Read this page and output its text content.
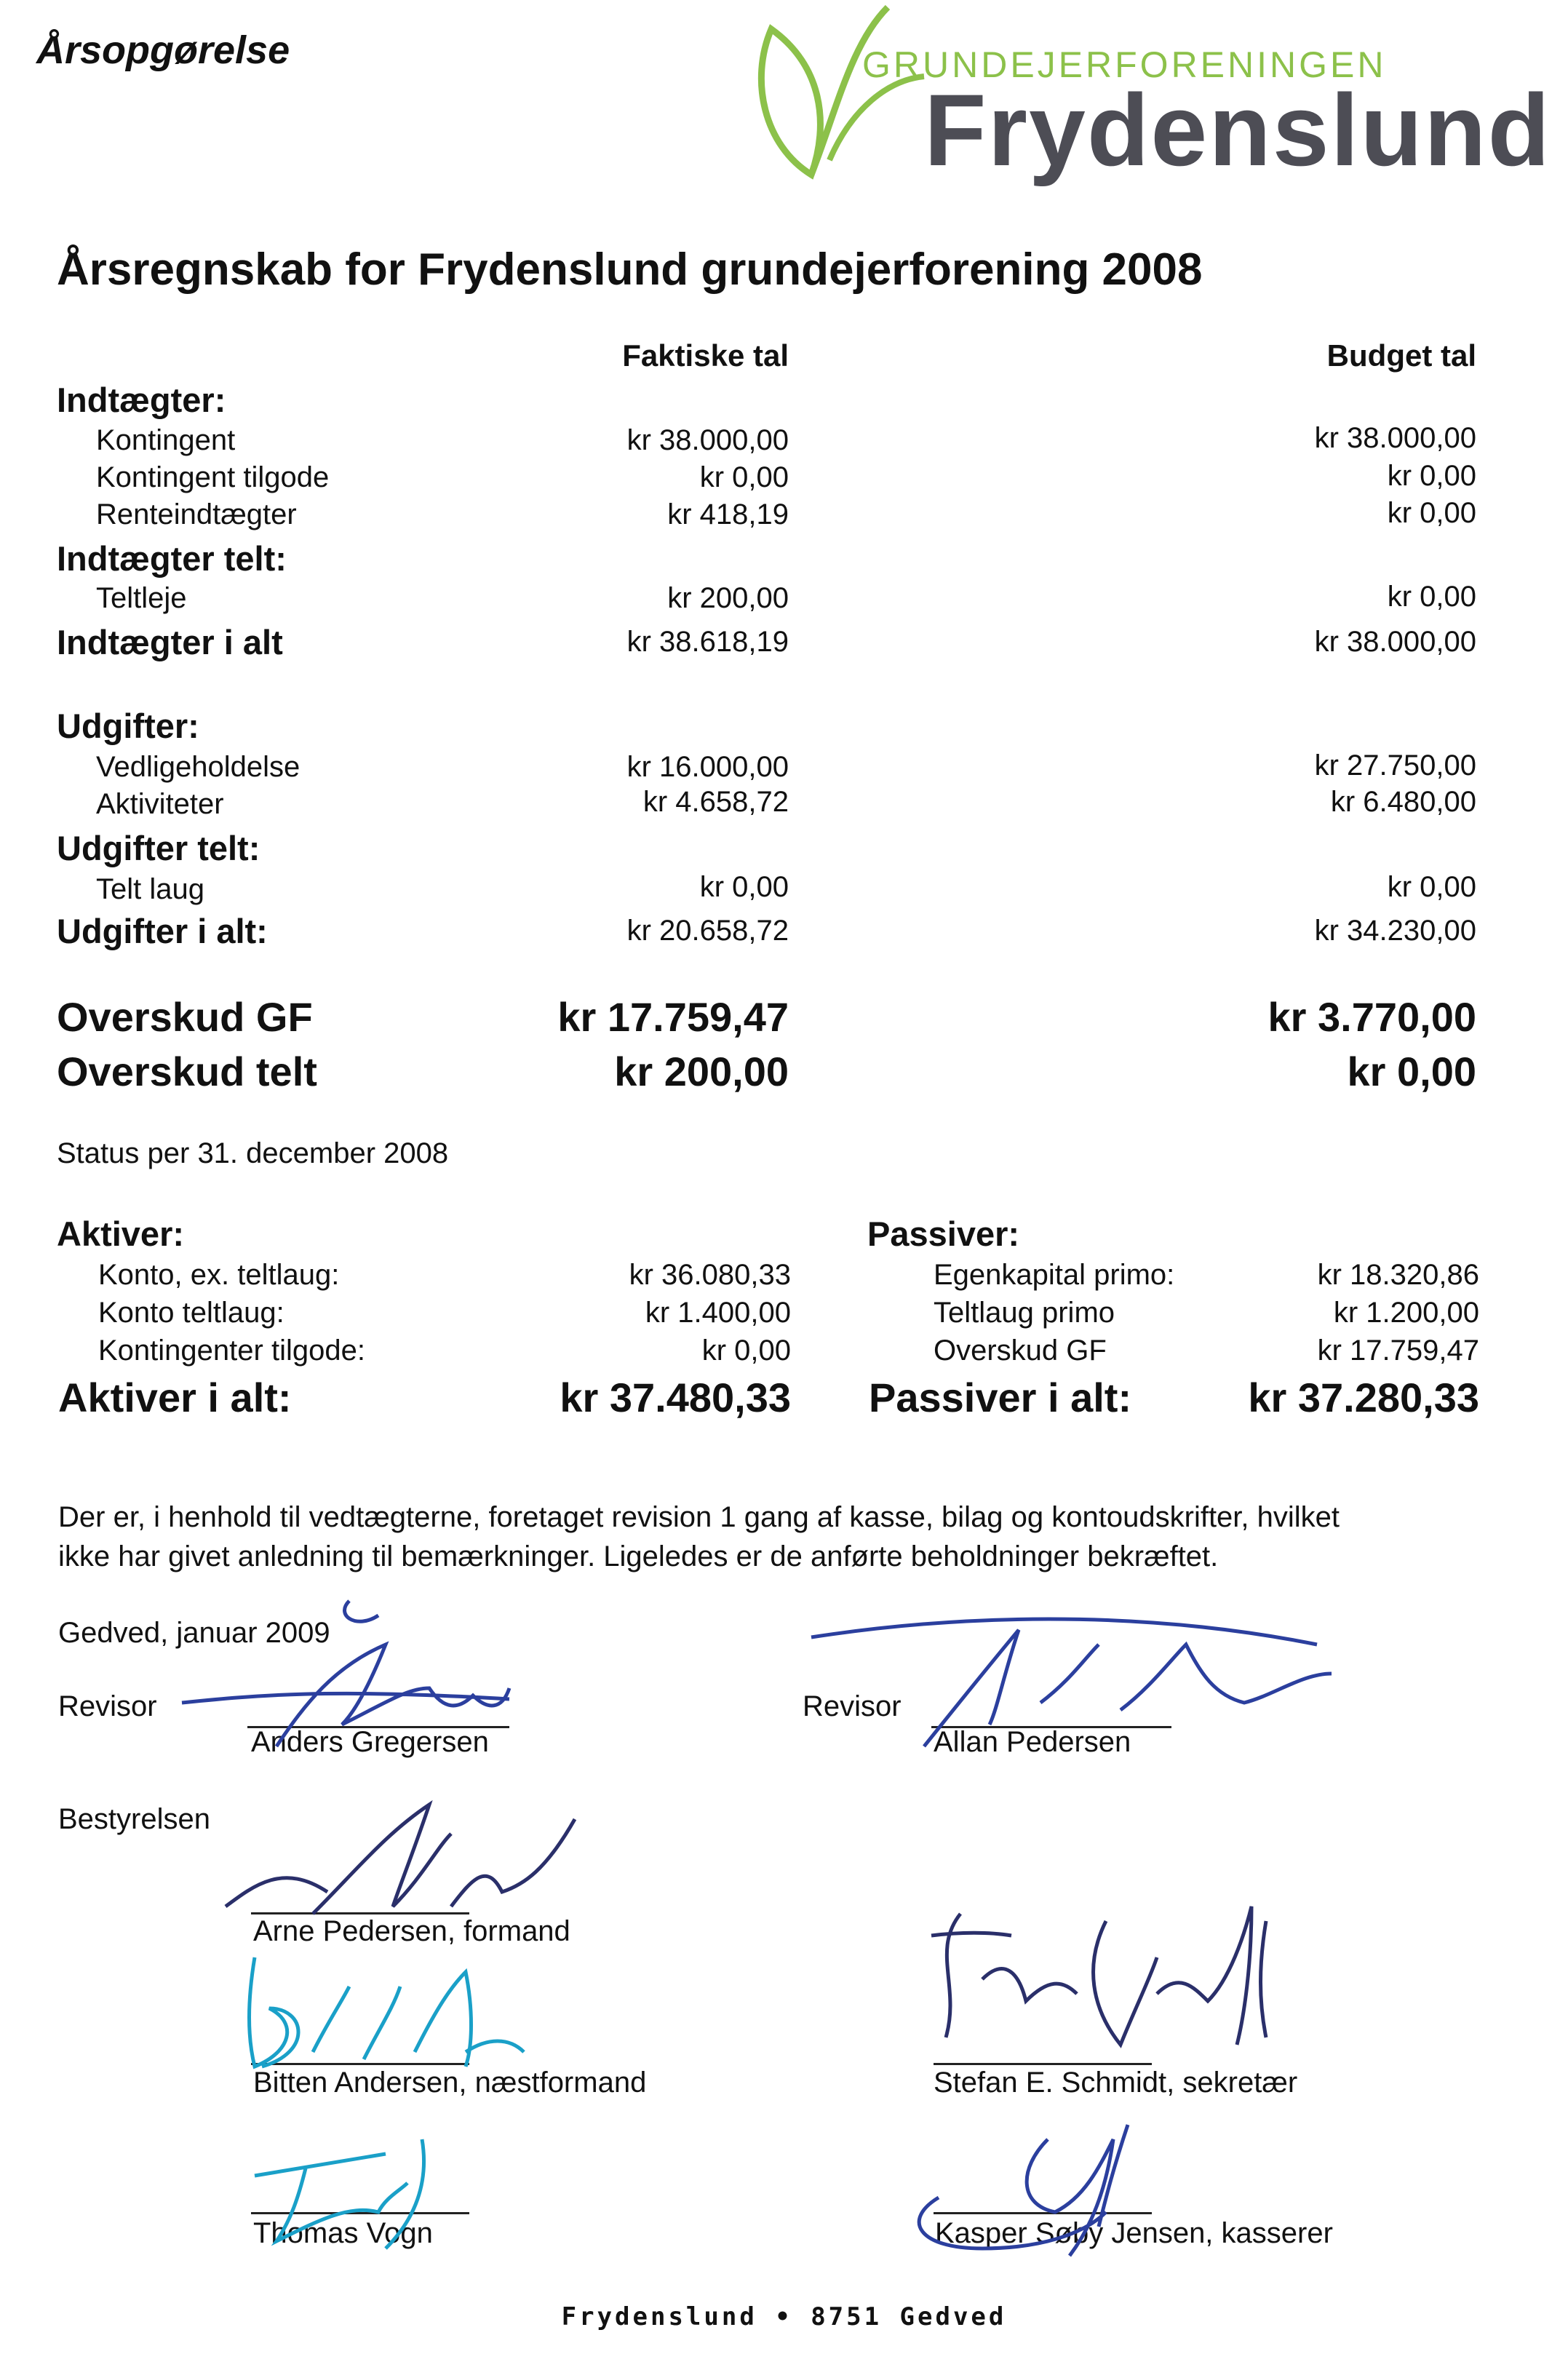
Årsopgørelse	GRUNDEJERFORENINGEN
Frydenslund
Årsregnskab for Frydenslund grundejerforening 2008
Faktiske tal	Budget tal
Indtægter:
Kontingent	kr 38.000,00	kr 38.000,00
Kontingent tilgode	kr 0,00	kr 0,00
Renteindtægter	kr 418,19	kr 0,00
Indtægter telt:
Teltleje	kr 200,00	kr 0,00
Indtægter i alt	kr 38.618,19	kr 38.000,00
Udgifter:
Vedligeholdelse	kr 16.000,00	kr 27.750,00
Aktiviteter	kr 4.658,72	kr 6.480,00
Udgifter telt:
Telt laug	kr 0,00	kr 0,00
Udgifter i alt:	kr 20.658,72	kr 34.230,00
Overskud GF	kr 17.759,47	kr 3.770,00
Overskud telt	kr 200,00	kr 0,00
Status per 31. december 2008
Aktiver:
Konto, ex. teltlaug:	kr 36.080,33
Konto teltlaug:	kr 1.400,00
Kontingenter tilgode:	kr 0,00
Aktiver i alt:	kr 37.480,33
Passiver:
Egenkapital primo:	kr 18.320,86
Teltlaug primo	kr 1.200,00
Overskud GF	kr 17.759,47
Passiver i alt:	kr 37.280,33
Der er, i henhold til vedtægterne, foretaget revision 1 gang af kasse, bilag og kontoudskrifter, hvilket
ikke har givet anledning til bemærkninger. Ligeledes er de anførte beholdninger bekræftet.
Gedved, januar 2009
Revisor
Anders Gregersen
Revisor
Allan Pedersen
Bestyrelsen
Arne Pedersen, formand
Bitten Andersen, næstformand	Stefan E. Schmidt, sekretær
Thomas Vogn	Kasper Søby Jensen, kasserer
Frydenslund • 8751 Gedved
